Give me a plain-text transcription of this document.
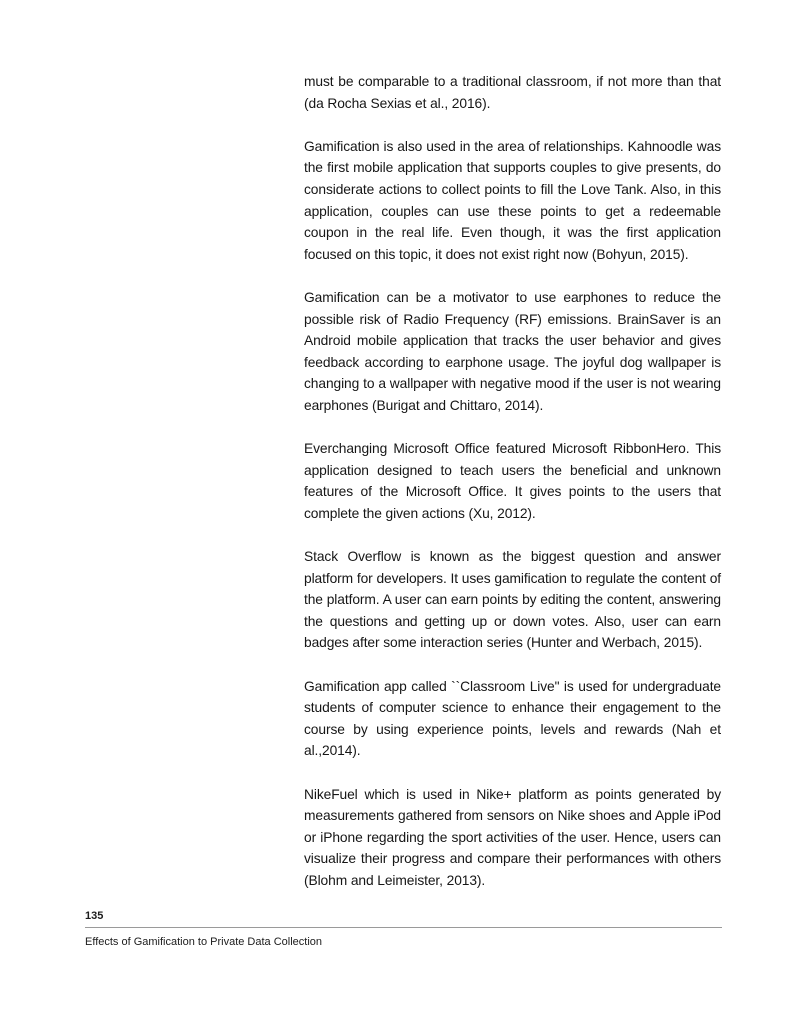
must be comparable to a traditional classroom, if not more than that (da Rocha Sexias et al., 2016).

Gamification is also used in the area of relationships. Kahnoodle was the first mobile application that supports couples to give presents, do considerate actions to collect points to fill the Love Tank. Also, in this application, couples can use these points to get a redeemable coupon in the real life. Even though, it was the first application focused on this topic, it does not exist right now (Bohyun, 2015).

Gamification can be a motivator to use earphones to reduce the possible risk of Radio Frequency (RF) emissions. BrainSaver is an Android mobile application that tracks the user behavior and gives feedback according to earphone usage. The joyful dog wallpaper is changing to a wallpaper with negative mood if the user is not wearing earphones (Burigat and Chittaro, 2014).

Everchanging Microsoft Office featured Microsoft RibbonHero. This application designed to teach users the beneficial and unknown features of the Microsoft Office. It gives points to the users that complete the given actions (Xu, 2012).

Stack Overflow is known as the biggest question and answer platform for developers. It uses gamification to regulate the content of the platform. A user can earn points by editing the content, answering the questions and getting up or down votes. Also, user can earn badges after some interaction series (Hunter and Werbach, 2015).

Gamification app called ``Classroom Live" is used for undergraduate students of computer science to enhance their engagement to the course by using experience points, levels and rewards (Nah et al.,2014).

NikeFuel which is used in Nike+ platform as points generated by measurements gathered from sensors on Nike shoes and Apple iPod or iPhone regarding the sport activities of the user. Hence, users can visualize their progress and compare their performances with others (Blohm and Leimeister, 2013).

135
Effects of Gamification to Private Data Collection
